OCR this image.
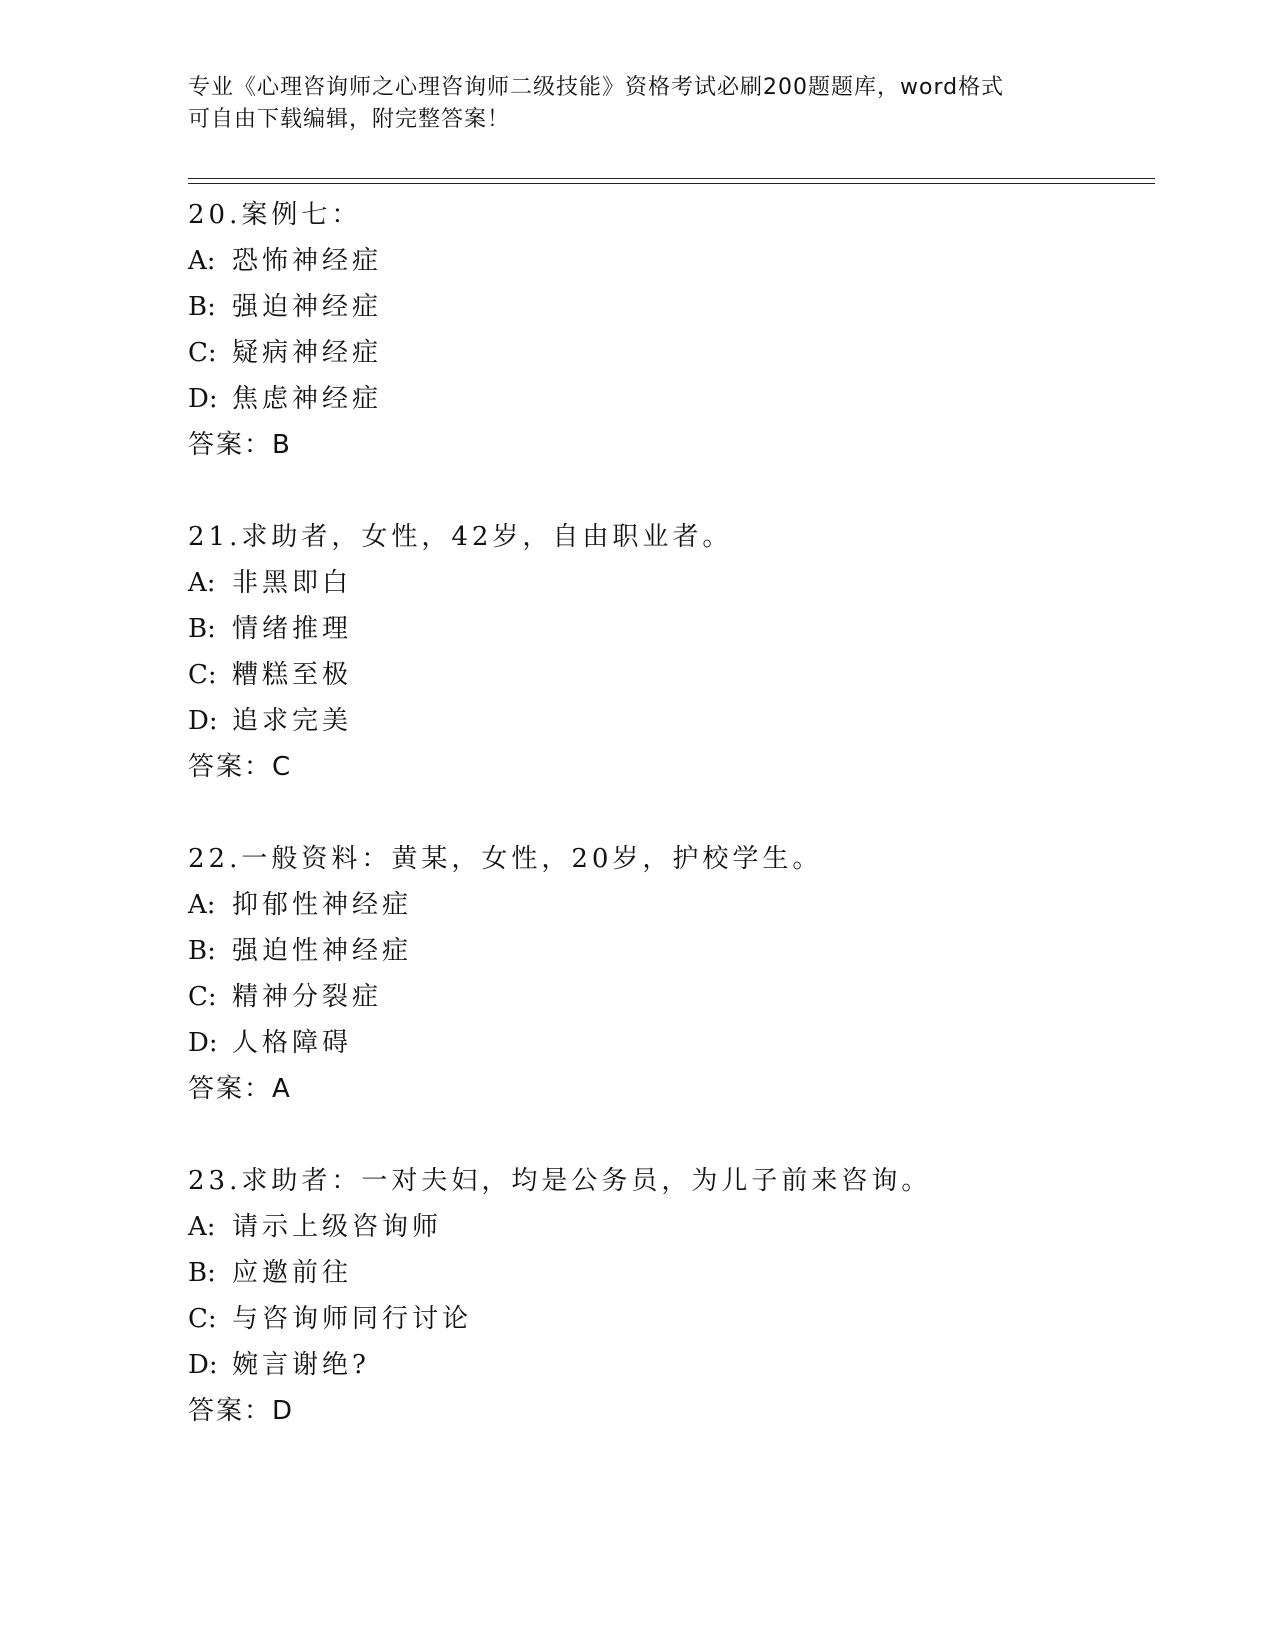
专业《心理咨询师之心理咨询师二级技能》资格考试必刷200题题库，word格式
可自由下载编辑，附完整答案！
20.案例七：
A: 恐怖神经症
B: 强迫神经症
C: 疑病神经症
D: 焦虑神经症
答案：B
21.求助者，女性，42岁，自由职业者。
A: 非黑即白
B: 情绪推理
C: 糟糕至极
D: 追求完美
答案：C
22.一般资料：黄某，女性，20岁，护校学生。
A: 抑郁性神经症
B: 强迫性神经症
C: 精神分裂症
D: 人格障碍
答案：A
23.求助者：一对夫妇，均是公务员，为儿子前来咨询。
A: 请示上级咨询师
B: 应邀前往
C: 与咨询师同行讨论
D: 婉言谢绝?
答案：D
